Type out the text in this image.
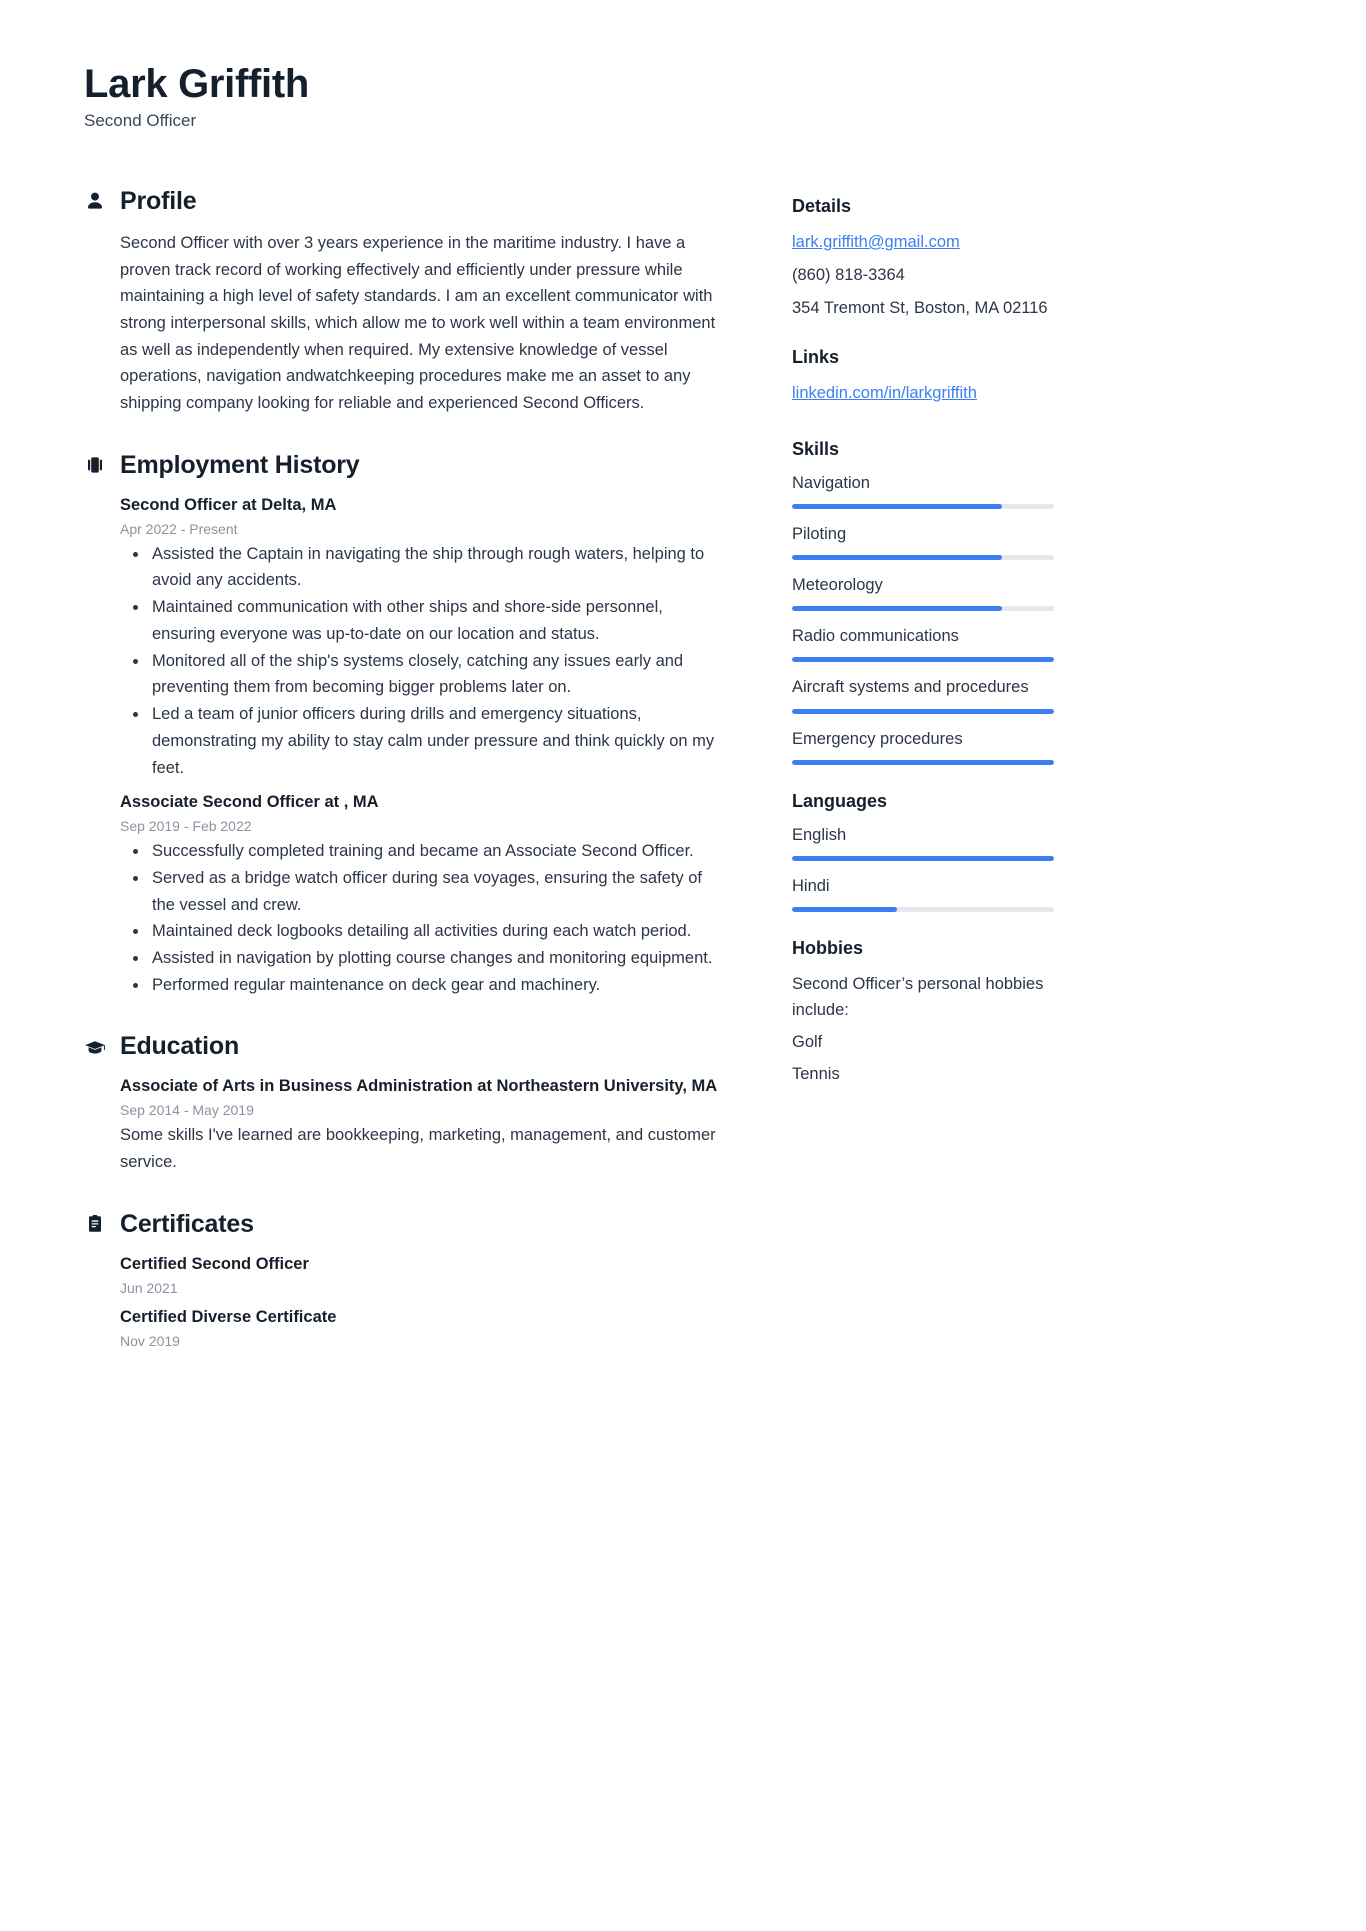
Lark Griffith
Second Officer
Profile

Second Officer with over 3 years experience in the maritime industry. I have a proven track record of working effectively and efficiently under pressure while maintaining a high level of safety standards. I am an excellent communicator with strong interpersonal skills, which allow me to work well within a team environment as well as independently when required. My extensive knowledge of vessel operations, navigation andwatchkeeping procedures make me an asset to any shipping company looking for reliable and experienced Second Officers.

Employment History
Second Officer at Delta, MA
Apr 2022 - Present
Assisted the Captain in navigating the ship through rough waters, helping to avoid any accidents.
Maintained communication with other ships and shore-side personnel, ensuring everyone was up-to-date on our location and status.
Monitored all of the ship's systems closely, catching any issues early and preventing them from becoming bigger problems later on.
Led a team of junior officers during drills and emergency situations, demonstrating my ability to stay calm under pressure and think quickly on my feet.
Associate Second Officer at , MA
Sep 2019 - Feb 2022
Successfully completed training and became an Associate Second Officer.
Served as a bridge watch officer during sea voyages, ensuring the safety of the vessel and crew.
Maintained deck logbooks detailing all activities during each watch period.
Assisted in navigation by plotting course changes and monitoring equipment.
Performed regular maintenance on deck gear and machinery.
Education
Associate of Arts in Business Administration at Northeastern University, MA
Sep 2014 - May 2019
Some skills I've learned are bookkeeping, marketing, management, and customer service.
Certificates
Certified Second Officer
Jun 2021
Certified Diverse Certificate
Nov 2019
Details
lark.griffith@gmail.com
(860) 818-3364
354 Tremont St, Boston, MA 02116
Links
linkedin.com/in/larkgriffith
Skills
Navigation
Piloting
Meteorology
Radio communications
Aircraft systems and procedures
Emergency procedures
Languages
English
Hindi
Hobbies
Second Officer’s personal hobbies include:
Golf
Tennis
